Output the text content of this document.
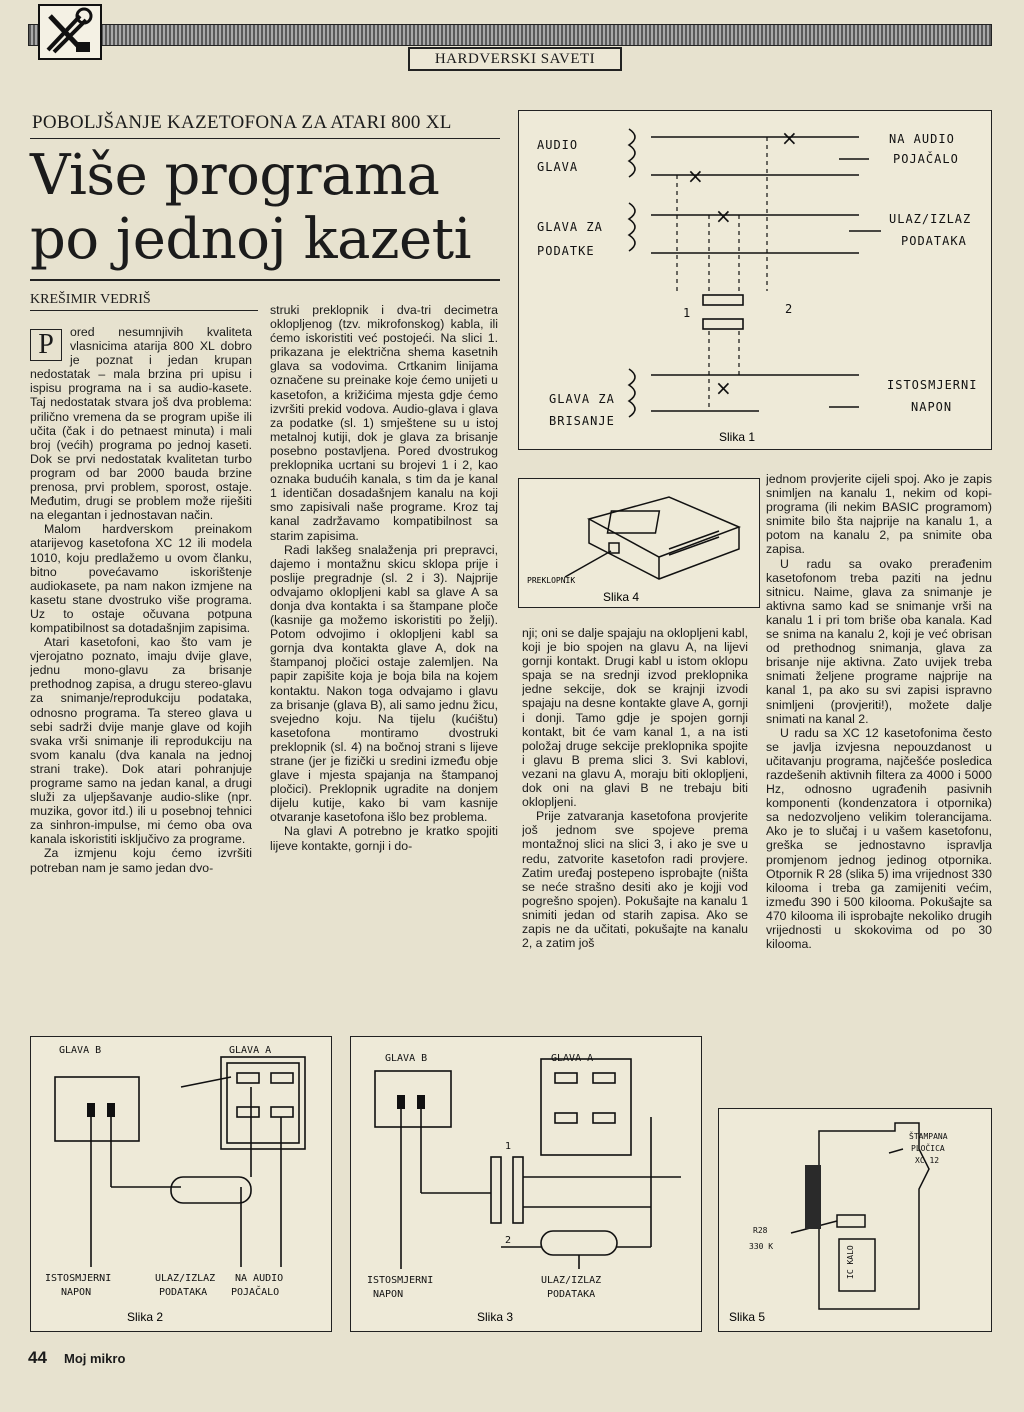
HARDVERSKI SAVETI
POBOLJŠANJE KAZETOFONA ZA ATARI 800 XL
Više programa
po jednoj kazeti
KREŠIMIR VEDRIŠ

P	ored nesumnjivih kvaliteta vlasnicima atarija 800 XL dobro je poznat i jedan krupan nedostatak – mala brzina pri upisu i ispisu programa na i sa audio-kasete. Taj nedostatak stvara još dva problema: prilično vremena da se program upiše ili učita (čak i do petnaest minuta) i mali broj (većih) programa po jednoj kaseti. Dok se prvi nedostatak kvalitetan turbo program od bar 2000 bauda brzine prenosa, prvi problem, sporost, ostaje. Međutim, drugi se problem može riješiti na elegantan i jednostavan način.

Malom hardverskom preinakom atarijevog kasetofona XC 12 ili modela 1010, koju predlažemo u ovom članku, bitno povećavamo iskorištenje audiokasete, pa nam nakon izmjene na kasetu stane dvostruko više programa. Uz to ostaje očuvana potpuna kompatibilnost sa dotadašnjim zapisima.

Atari kasetofoni, kao što vam je vjerojatno poznato, imaju dvije glave, jednu mono-glavu za brisanje prethodnog zapisa, a drugu stereo-glavu za snimanje/reprodukciju podataka, odnosno programa. Ta stereo glava u sebi sadrži dvije manje glave od kojih svaka vrši snimanje ili reprodukciju na svom kanalu (dva kanala na jednoj strani trake). Dok atari pohranjuje programe samo na jedan kanal, a drugi služi za uljepšavanje audio-slike (npr. muzika, govor itd.) ili u posebnoj tehnici za sinhron-impulse, mi ćemo oba ova kanala iskoristiti isključivo za programe.

Za izmjenu koju ćemo izvršiti potreban nam je samo jedan dvo-

struki preklopnik i dva-tri decimetra oklopljenog (tzv. mikrofonskog) kabla, ili ćemo iskoristiti već postojeći. Na slici 1. prikazana je električna shema kasetnih glava sa vodovima. Crtkanim linijama označene su preinake koje ćemo unijeti u kasetofon, a križićima mjesta gdje ćemo izvršiti prekid vodova. Audio-glava i glava za podatke (sl. 1) smještene su u istoj metalnoj kutiji, dok je glava za brisanje posebno postavljena. Pored dvostrukog preklopnika ucrtani su brojevi 1 i 2, kao oznaka budućih kanala, s tim da je kanal 1 identičan dosadašnjem kanalu na koji smo zapisivali naše programe. Kroz taj kanal zadržavamo kompatibilnost sa starim zapisima.

Radi lakšeg snalaženja pri prepravci, dajemo i montažnu skicu sklopa prije i poslije pregradnje (sl. 2 i 3). Najprije odvajamo oklopljeni kabl sa glave A sa donja dva kontakta i sa štampane ploče (kasnije ga možemo iskoristiti po želji). Potom odvojimo i oklopljeni kabl sa gornja dva kontakta glave A, dok na štampanoj pločici ostaje zalemljen. Na papir zapišite koja je boja bila na kojem kontaktu. Nakon toga odvajamo i glavu za brisanje (glava B), ali samo jednu žicu, svejedno koju. Na tijelu (kućištu) kasetofona montiramo dvostruki preklopnik (sl. 4) na bočnoj strani s lijeve strane (jer je fizički u sredini između obje glave i mjesta spajanja na štampanoj pločici). Preklopnik ugradite na donjem dijelu kutije, kako bi vam kasnije otvaranje kasetofona išlo bez problema.

Na glavi A potrebno je kratko spojiti lijeve kontakte, gornji i do-

×
×
×
×
AUDIO
GLAVA
GLAVA ZA
PODATKE
GLAVA ZA
BRISANJE
NA AUDIO
POJAČALO
ULAZ/IZLAZ
PODATAKA
ISTOSMJERNI
NAPON
1	2
Slika 1
PREKLOPNIK
Slika 4

nji; oni se dalje spajaju na oklopljeni kabl, koji je bio spojen na glavu A, na lijevi gornji kontakt. Drugi kabl u istom oklopu spaja se na srednji izvod preklopnika jedne sekcije, dok se krajnji izvodi spajaju na desne kontakte glave A, gornji i donji. Tamo gdje je spojen gornji kontakt, bit će vam kanal 1, a na isti položaj druge sekcije preklopnika spojite i glavu B prema slici 3. Svi kablovi, vezani na glavu A, moraju biti oklopljeni, dok oni na glavi B ne trebaju biti oklopljeni.

Prije zatvaranja kasetofona provjerite još jednom sve spojeve prema montažnoj slici na slici 3, i ako je sve u redu, zatvorite kasetofon radi provjere. Zatim uređaj postepeno isprobajte (ništa se neće strašno desiti ako je kojji vod pogrešno spojen). Pokušajte na kanalu 1 snimiti jedan od starih zapisa. Ako se zapis ne da učitati, pokušajte na kanalu 2, a zatim još

jednom provjerite cijeli spoj. Ako je zapis snimljen na kanalu 1, nekim od kopi-programa (ili nekim BASIC programom) snimite bilo šta najprije na kanalu 1, a potom na kanalu 2, pa snimite oba zapisa.

U radu sa ovako prerađenim kasetofonom treba paziti na jednu sitnicu. Naime, glava za snimanje je aktivna samo kad se snimanje vrši na kanalu 1 i pri tom briše oba kanala. Kad se snima na kanalu 2, koji je već obrisan od prethodnog snimanja, glava za brisanje nije aktivna. Zato uvijek treba snimati željene programe najprije na kanal 1, pa ako su svi zapisi ispravno snimljeni (provjeriti!), možete dalje snimati na kanal 2.

U radu sa XC 12 kasetofonima često se javlja izvjesna nepouzdanost u učitavanju programa, najčešće posledica razdešenih aktivnih filtera za 4000 i 5000 Hz, odnosno ugrađenih pasivnih komponenti (kondenzatora i otpornika) sa nedozvoljeno velikim tolerancijama. Ako je to slučaj i u vašem kasetofonu, greška se jednostavno ispravlja promjenom jednog jedinog otpornika. Otpornik R 28 (slika 5) ima vrijednost 330 kilooma i treba ga zamijeniti većim, između 390 i 500 kilooma. Pokušajte sa 470 kilooma ili isprobajte nekoliko drugih vrijednosti u skokovima od po 30 kilooma.

GLAVA B	GLAVA A
ISTOSMJERNI
NAPON
ULAZ/IZLAZ
PODATAKA
NA AUDIO
POJAČALO
Slika 2
GLAVA B	GLAVA A
1
2
ISTOSMJERNI
NAPON
ULAZ/IZLAZ
PODATAKA
Slika 3
ŠTAMPANA
PLOČICA
XC 12
R28
330 K	IC KALO
Slika 5
44 Moj mikro
